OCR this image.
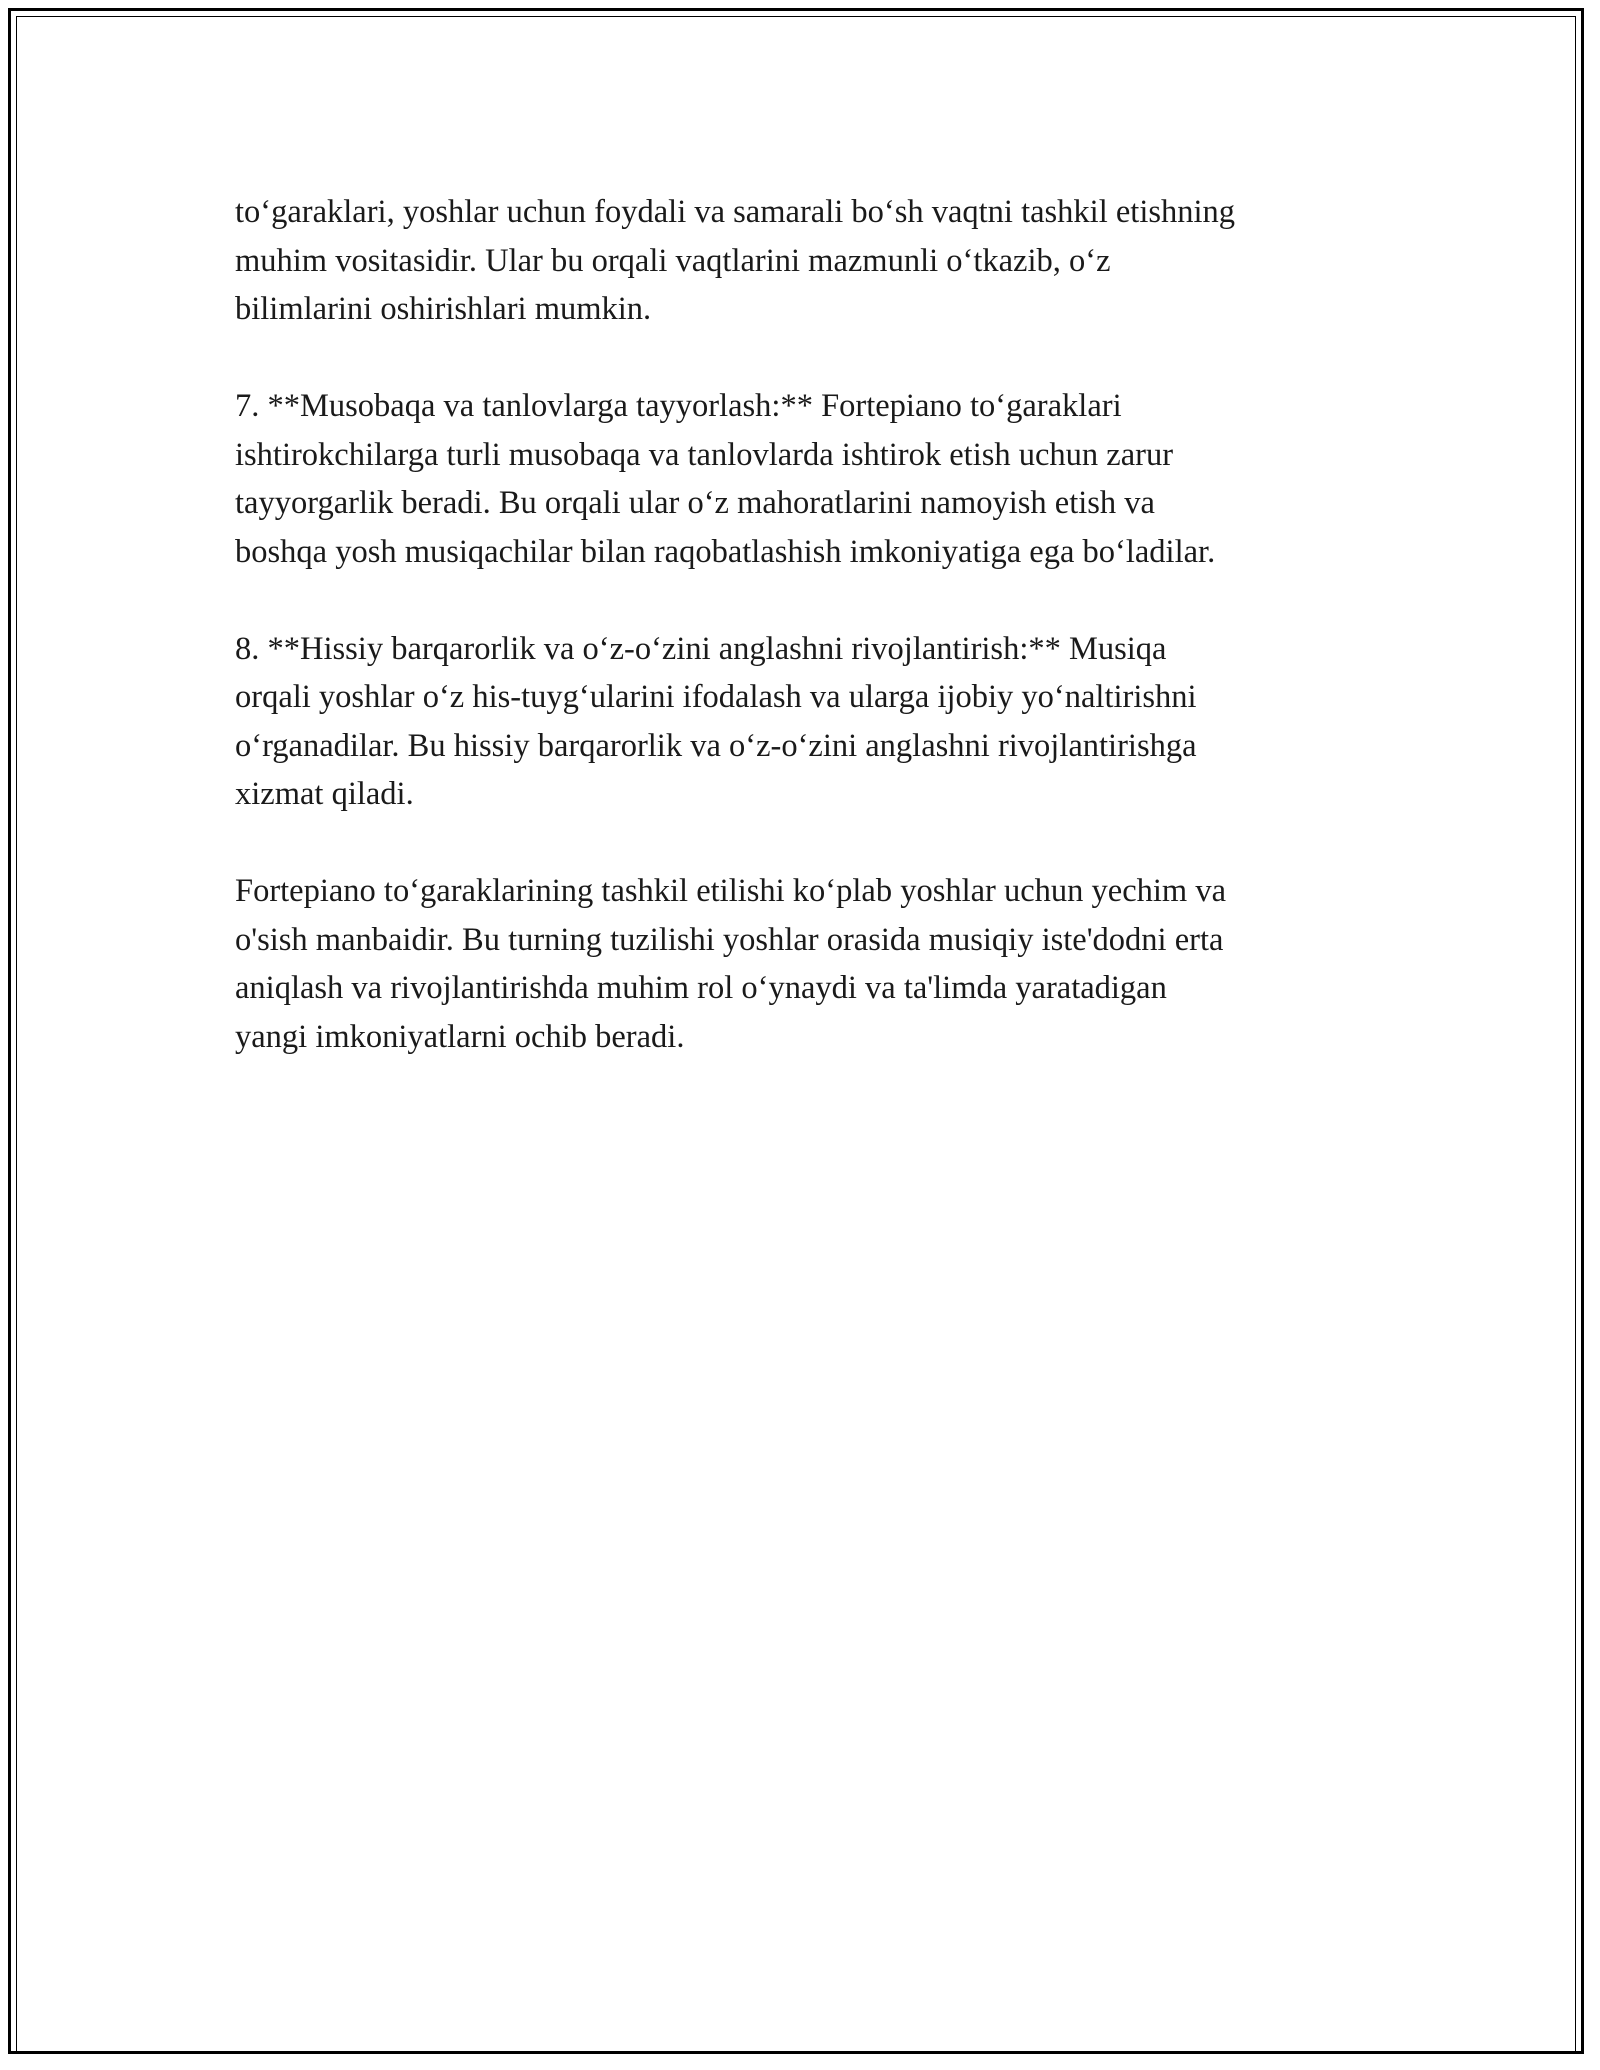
to‘garaklari, yoshlar uchun foydali va samarali bo‘sh vaqtni tashkil etishning
muhim vositasidir. Ular bu orqali vaqtlarini mazmunli o‘tkazib, o‘z
bilimlarini oshirishlari mumkin.

7. **Musobaqa va tanlovlarga tayyorlash:** Fortepiano to‘garaklari
ishtirokchilarga turli musobaqa va tanlovlarda ishtirok etish uchun zarur
tayyorgarlik beradi. Bu orqali ular o‘z mahoratlarini namoyish etish va
boshqa yosh musiqachilar bilan raqobatlashish imkoniyatiga ega bo‘ladilar.

8. **Hissiy barqarorlik va o‘z-o‘zini anglashni rivojlantirish:** Musiqa
orqali yoshlar o‘z his-tuyg‘ularini ifodalash va ularga ijobiy yo‘naltirishni
o‘rganadilar. Bu hissiy barqarorlik va o‘z-o‘zini anglashni rivojlantirishga
xizmat qiladi.

Fortepiano to‘garaklarining tashkil etilishi ko‘plab yoshlar uchun yechim va
o'sish manbaidir. Bu turning tuzilishi yoshlar orasida musiqiy iste'dodni erta
aniqlash va rivojlantirishda muhim rol o‘ynaydi va ta'limda yaratadigan
yangi imkoniyatlarni ochib beradi.
